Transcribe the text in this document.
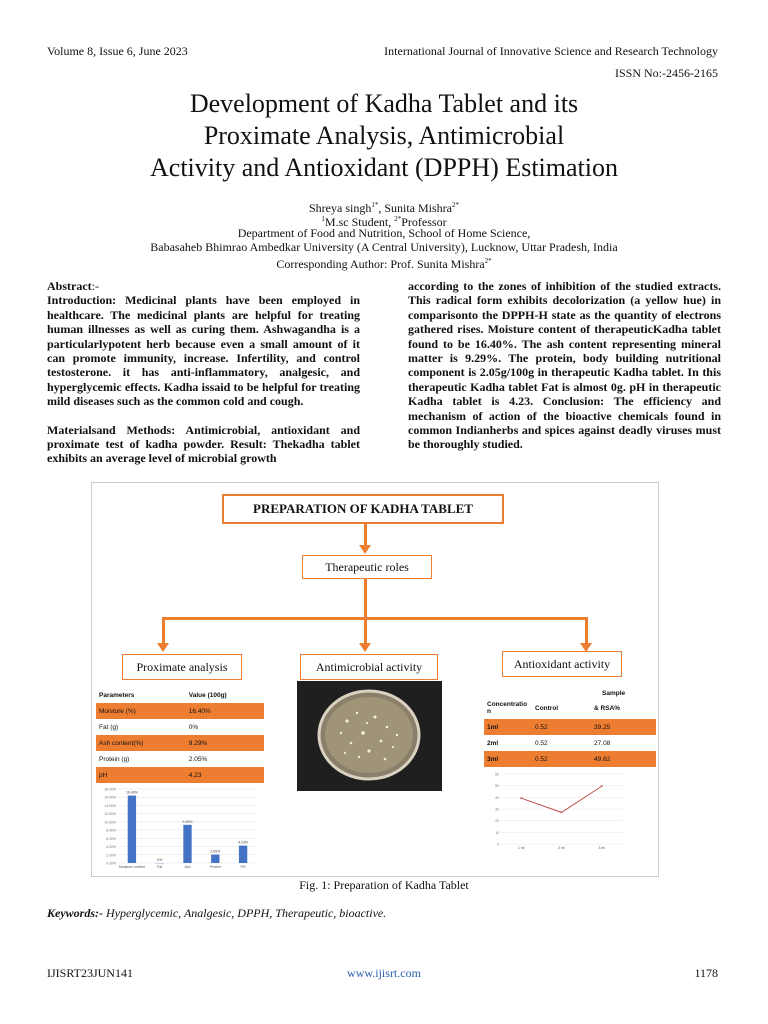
Volume 8, Issue 6, June 2023	International Journal of Innovative Science and Research Technology
ISSN No:-2456-2165
Development of Kadha Tablet and its
Proximate Analysis, Antimicrobial
Activity and Antioxidant (DPPH) Estimation
Shreya singh$^{1*}$, Sunita Mishra$^{2*}$
$^1$M.sc Student, $^{2*}$Professor
Department of Food and Nutrition, School of Home Science,
Babasaheb Bhimrao Ambedkar University (A Central University), Lucknow, Uttar Pradesh, India
Corresponding Author: Prof. Sunita Mishra$^{2*}$

Abstract:-

Introduction: Medicinal plants have been employed in healthcare. The medicinal plants are helpful for treating human illnesses as well as curing them. Ashwagandha is a particularlypotent herb because even a small amount of it can promote immunity, increase. Infertility, and control testosterone. it has anti-inflammatory, analgesic, and hyperglycemic effects. Kadha issaid to be helpful for treating mild diseases such as the common cold and cough.

Materialsand Methods: Antimicrobial, antioxidant and proximate test of kadha powder. Result: Thekadha tablet exhibits an average level of microbial growth

according to the zones of inhibition of the studied extracts. This radical form exhibits decolorization (a yellow hue) in comparisonto the DPPH-H state as the quantity of electrons gathered rises. Moisture content of therapeuticKadha tablet found to be 16.40%. The ash content representing mineral matter is 9.29%. The protein, body building nutritional component is 2.05g/100g in therapeutic Kadha tablet. In this therapeutic Kadha tablet Fat is almost 0g. pH in therapeutic Kadha tablet is 4.23. Conclusion: The efficiency and mechanism of action of the bioactive chemicals found in common Indianherbs and spices against deadly viruses must be thoroughly studied.

PREPARATION OF KADHA TABLET
Therapeutic roles
Proximate analysis	Antimicrobial activity	Antioxidant activity
Parameters	Value (100g)
Moisture (%)	16.40%
Fat (g)	0%
Ash content(%)	9.29%
Protein (g)	2.05%
pH	4.23
0.00%
2.00%
4.00%
6.00%
8.00%
10.00%
12.00%
14.00%
16.00%
18.00%
16.40%
Moisture content
0%
Fat
9.29%
Ash
2.05%
Protein
4.23%
PH
Sample
Concentratio n	Control	& RSA%
1ml	0.52	39.25
2ml	0.52	27.08
3ml	0.52	49.62
0
10
20
30
40
50
60
1 ml	2 ml	3 ml
Fig. 1: Preparation of Kadha Tablet
Keywords:- Hyperglycemic, Analgesic, DPPH, Therapeutic, bioactive.
IJISRT23JUN141	www.ijisrt.com	1178
